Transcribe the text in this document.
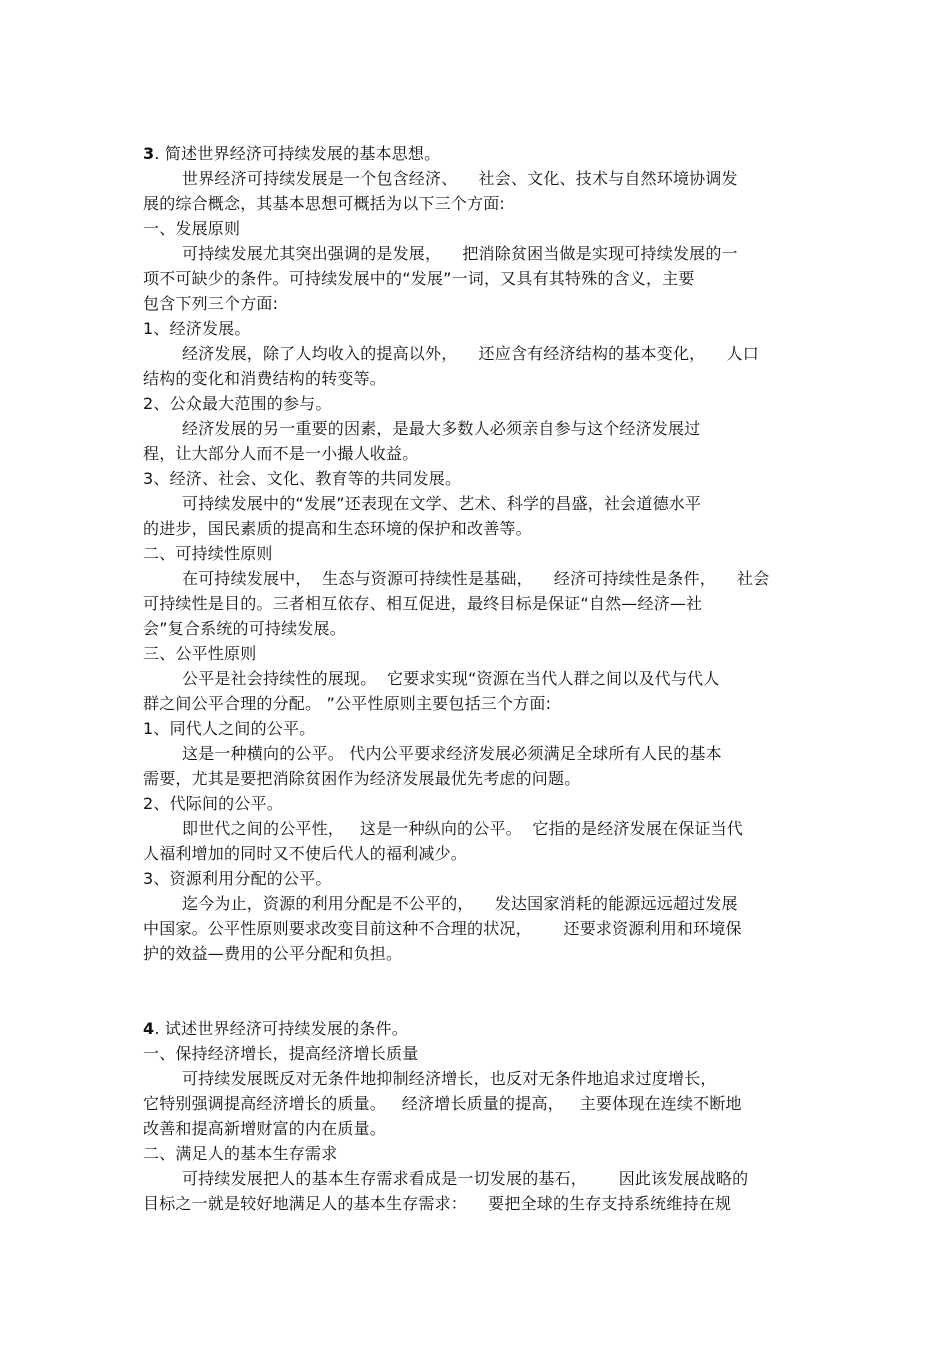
3. 简述世界经济可持续发展的基本思想。
世界经济可持续发展是一个包含经济、    社会、文化、技术与自然环境协调发
展的综合概念，其基本思想可概括为以下三个方面:
一、发展原则
可持续发展尤其突出强调的是发展，    把消除贫困当做是实现可持续发展的一
项不可缺少的条件。可持续发展中的“发展”一词，又具有其特殊的含义，主要
包含下列三个方面:
1、经济发展。
经济发展，除了人均收入的提高以外，    还应含有经济结构的基本变化，    人口
结构的变化和消费结构的转变等。
2、公众最大范围的参与。
经济发展的另一重要的因素，是最大多数人必须亲自参与这个经济发展过
程，让大部分人而不是一小撮人收益。
3、经济、社会、文化、教育等的共同发展。
可持续发展中的“发展”还表现在文学、艺术、科学的昌盛，社会道德水平
的进步，国民素质的提高和生态环境的保护和改善等。
二、可持续性原则
在可持续发展中，  生态与资源可持续性是基础，    经济可持续性是条件，    社会
可持续性是目的。三者相互依存、相互促进，最终目标是保证“自然—经济—社
会”复合系统的可持续发展。
三、公平性原则
公平是社会持续性的展现。  它要求实现“资源在当代人群之间以及代与代人
群之间公平合理的分配。 ”公平性原则主要包括三个方面:
1、同代人之间的公平。
这是一种横向的公平。 代内公平要求经济发展必须满足全球所有人民的基本
需要，尤其是要把消除贫困作为经济发展最优先考虑的问题。
2、代际间的公平。
即世代之间的公平性，   这是一种纵向的公平。  它指的是经济发展在保证当代
人福利增加的同时又不使后代人的福利减少。
3、资源利用分配的公平。
迄今为止，资源的利用分配是不公平的，    发达国家消耗的能源远远超过发展
中国家。公平性原则要求改变目前这种不合理的状况，      还要求资源利用和环境保
护的效益—费用的公平分配和负担。
4. 试述世界经济可持续发展的条件。
一、保持经济增长，提高经济增长质量
可持续发展既反对无条件地抑制经济增长，也反对无条件地追求过度增长，
它特别强调提高经济增长的质量。   经济增长质量的提高，   主要体现在连续不断地
改善和提高新增财富的内在质量。
二、满足人的基本生存需求
可持续发展把人的基本生存需求看成是一切发展的基石，      因此该发展战略的
目标之一就是较好地满足人的基本生存需求：    要把全球的生存支持系统维持在规
